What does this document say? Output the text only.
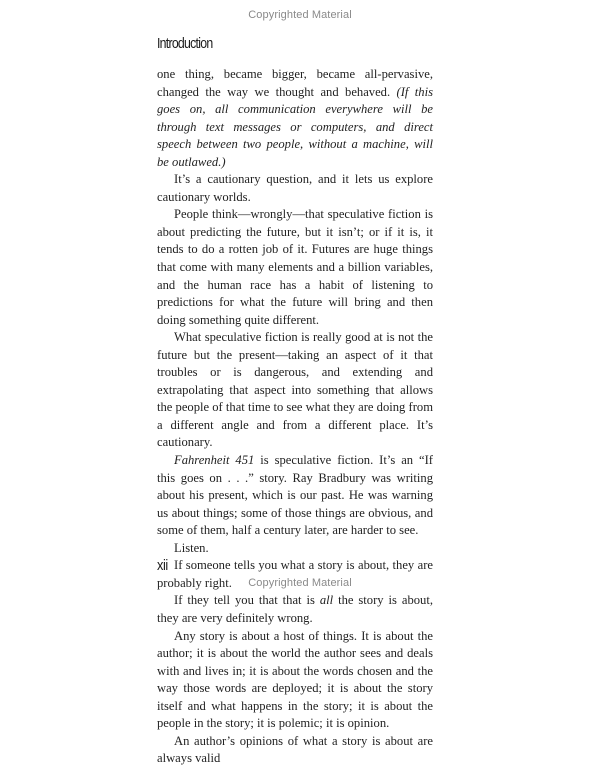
Copyrighted Material
Introduction

one thing, became bigger, became all-pervasive, changed the way we thought and behaved. (If this goes on, all communication everywhere will be through text messages or computers, and direct speech between two people, without a machine, will be outlawed.)

It’s a cautionary question, and it lets us explore cautionary worlds.

People think—wrongly—that speculative fiction is about predicting the future, but it isn’t; or if it is, it tends to do a rotten job of it. Futures are huge things that come with many elements and a billion variables, and the human race has a habit of listening to predictions for what the future will bring and then doing something quite different.

What speculative fiction is really good at is not the future but the present—taking an aspect of it that troubles or is dangerous, and extending and extrapolating that aspect into something that allows the people of that time to see what they are doing from a different angle and from a different place. It’s cautionary.

Fahrenheit 451 is speculative fiction. It’s an “If this goes on . . .” story. Ray Bradbury was writing about his present, which is our past. He was warning us about things; some of those things are obvious, and some of them, half a century later, are harder to see.

Listen.

If someone tells you what a story is about, they are probably right.

If they tell you that that is all the story is about, they are very definitely wrong.

Any story is about a host of things. It is about the author; it is about the world the author sees and deals with and lives in; it is about the words chosen and the way those words are deployed; it is about the story itself and what happens in the story; it is about the people in the story; it is polemic; it is opinion.

An author’s opinions of what a story is about are always valid

xii
Copyrighted Material
